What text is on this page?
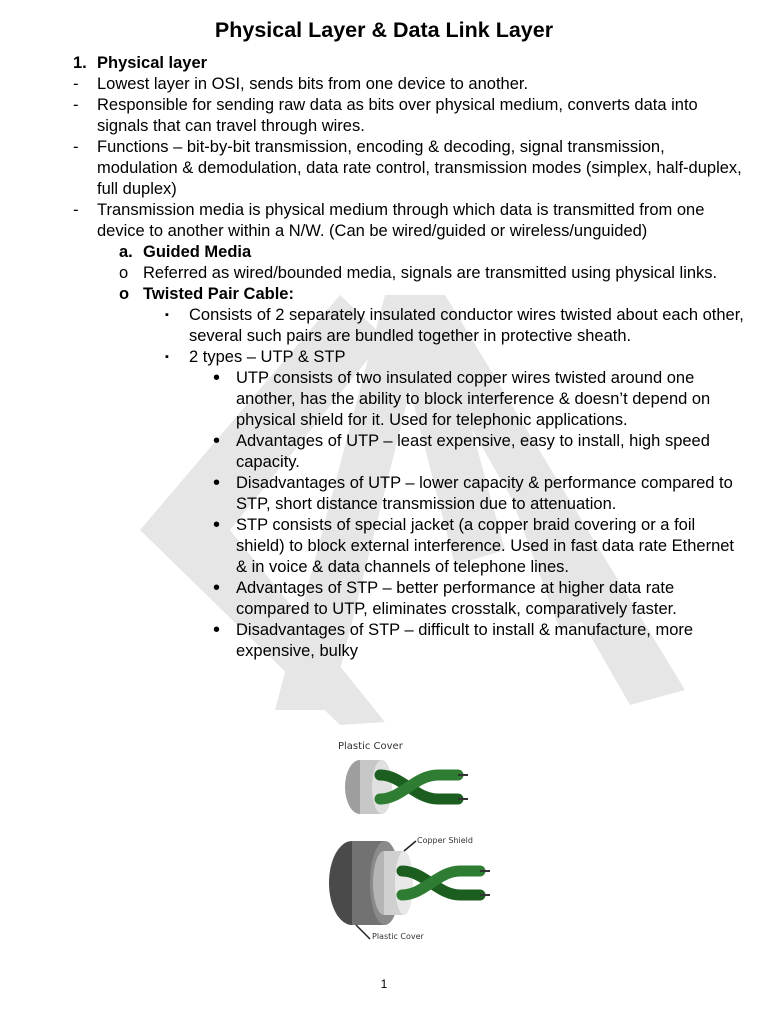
Physical Layer & Data Link Layer
1. Physical layer
- Lowest layer in OSI, sends bits from one device to another.
- Responsible for sending raw data as bits over physical medium, converts data into signals that can travel through wires.
- Functions – bit-by-bit transmission, encoding & decoding, signal transmission, modulation & demodulation, data rate control, transmission modes (simplex, half-duplex, full duplex)
- Transmission media is physical medium through which data is transmitted from one device to another within a N/W. (Can be wired/guided or wireless/unguided)
a. Guided Media
o Referred as wired/bounded media, signals are transmitted using physical links.
o Twisted Pair Cable:
▪ Consists of 2 separately insulated conductor wires twisted about each other, several such pairs are bundled together in protective sheath.
▪ 2 types – UTP & STP
• UTP consists of two insulated copper wires twisted around one another, has the ability to block interference & doesn’t depend on physical shield for it. Used for telephonic applications.
• Advantages of UTP – least expensive, easy to install, high speed capacity.
• Disadvantages of UTP – lower capacity & performance compared to STP, short distance transmission due to attenuation.
• STP consists of special jacket (a copper braid covering or a foil shield) to block external interference. Used in fast data rate Ethernet & in voice & data channels of telephone lines.
• Advantages of STP – better performance at higher data rate compared to UTP, eliminates crosstalk, comparatively faster.
• Disadvantages of STP – difficult to install & manufacture, more expensive, bulky
Plastic Cover
Copper Shield
Plastic Cover
1
